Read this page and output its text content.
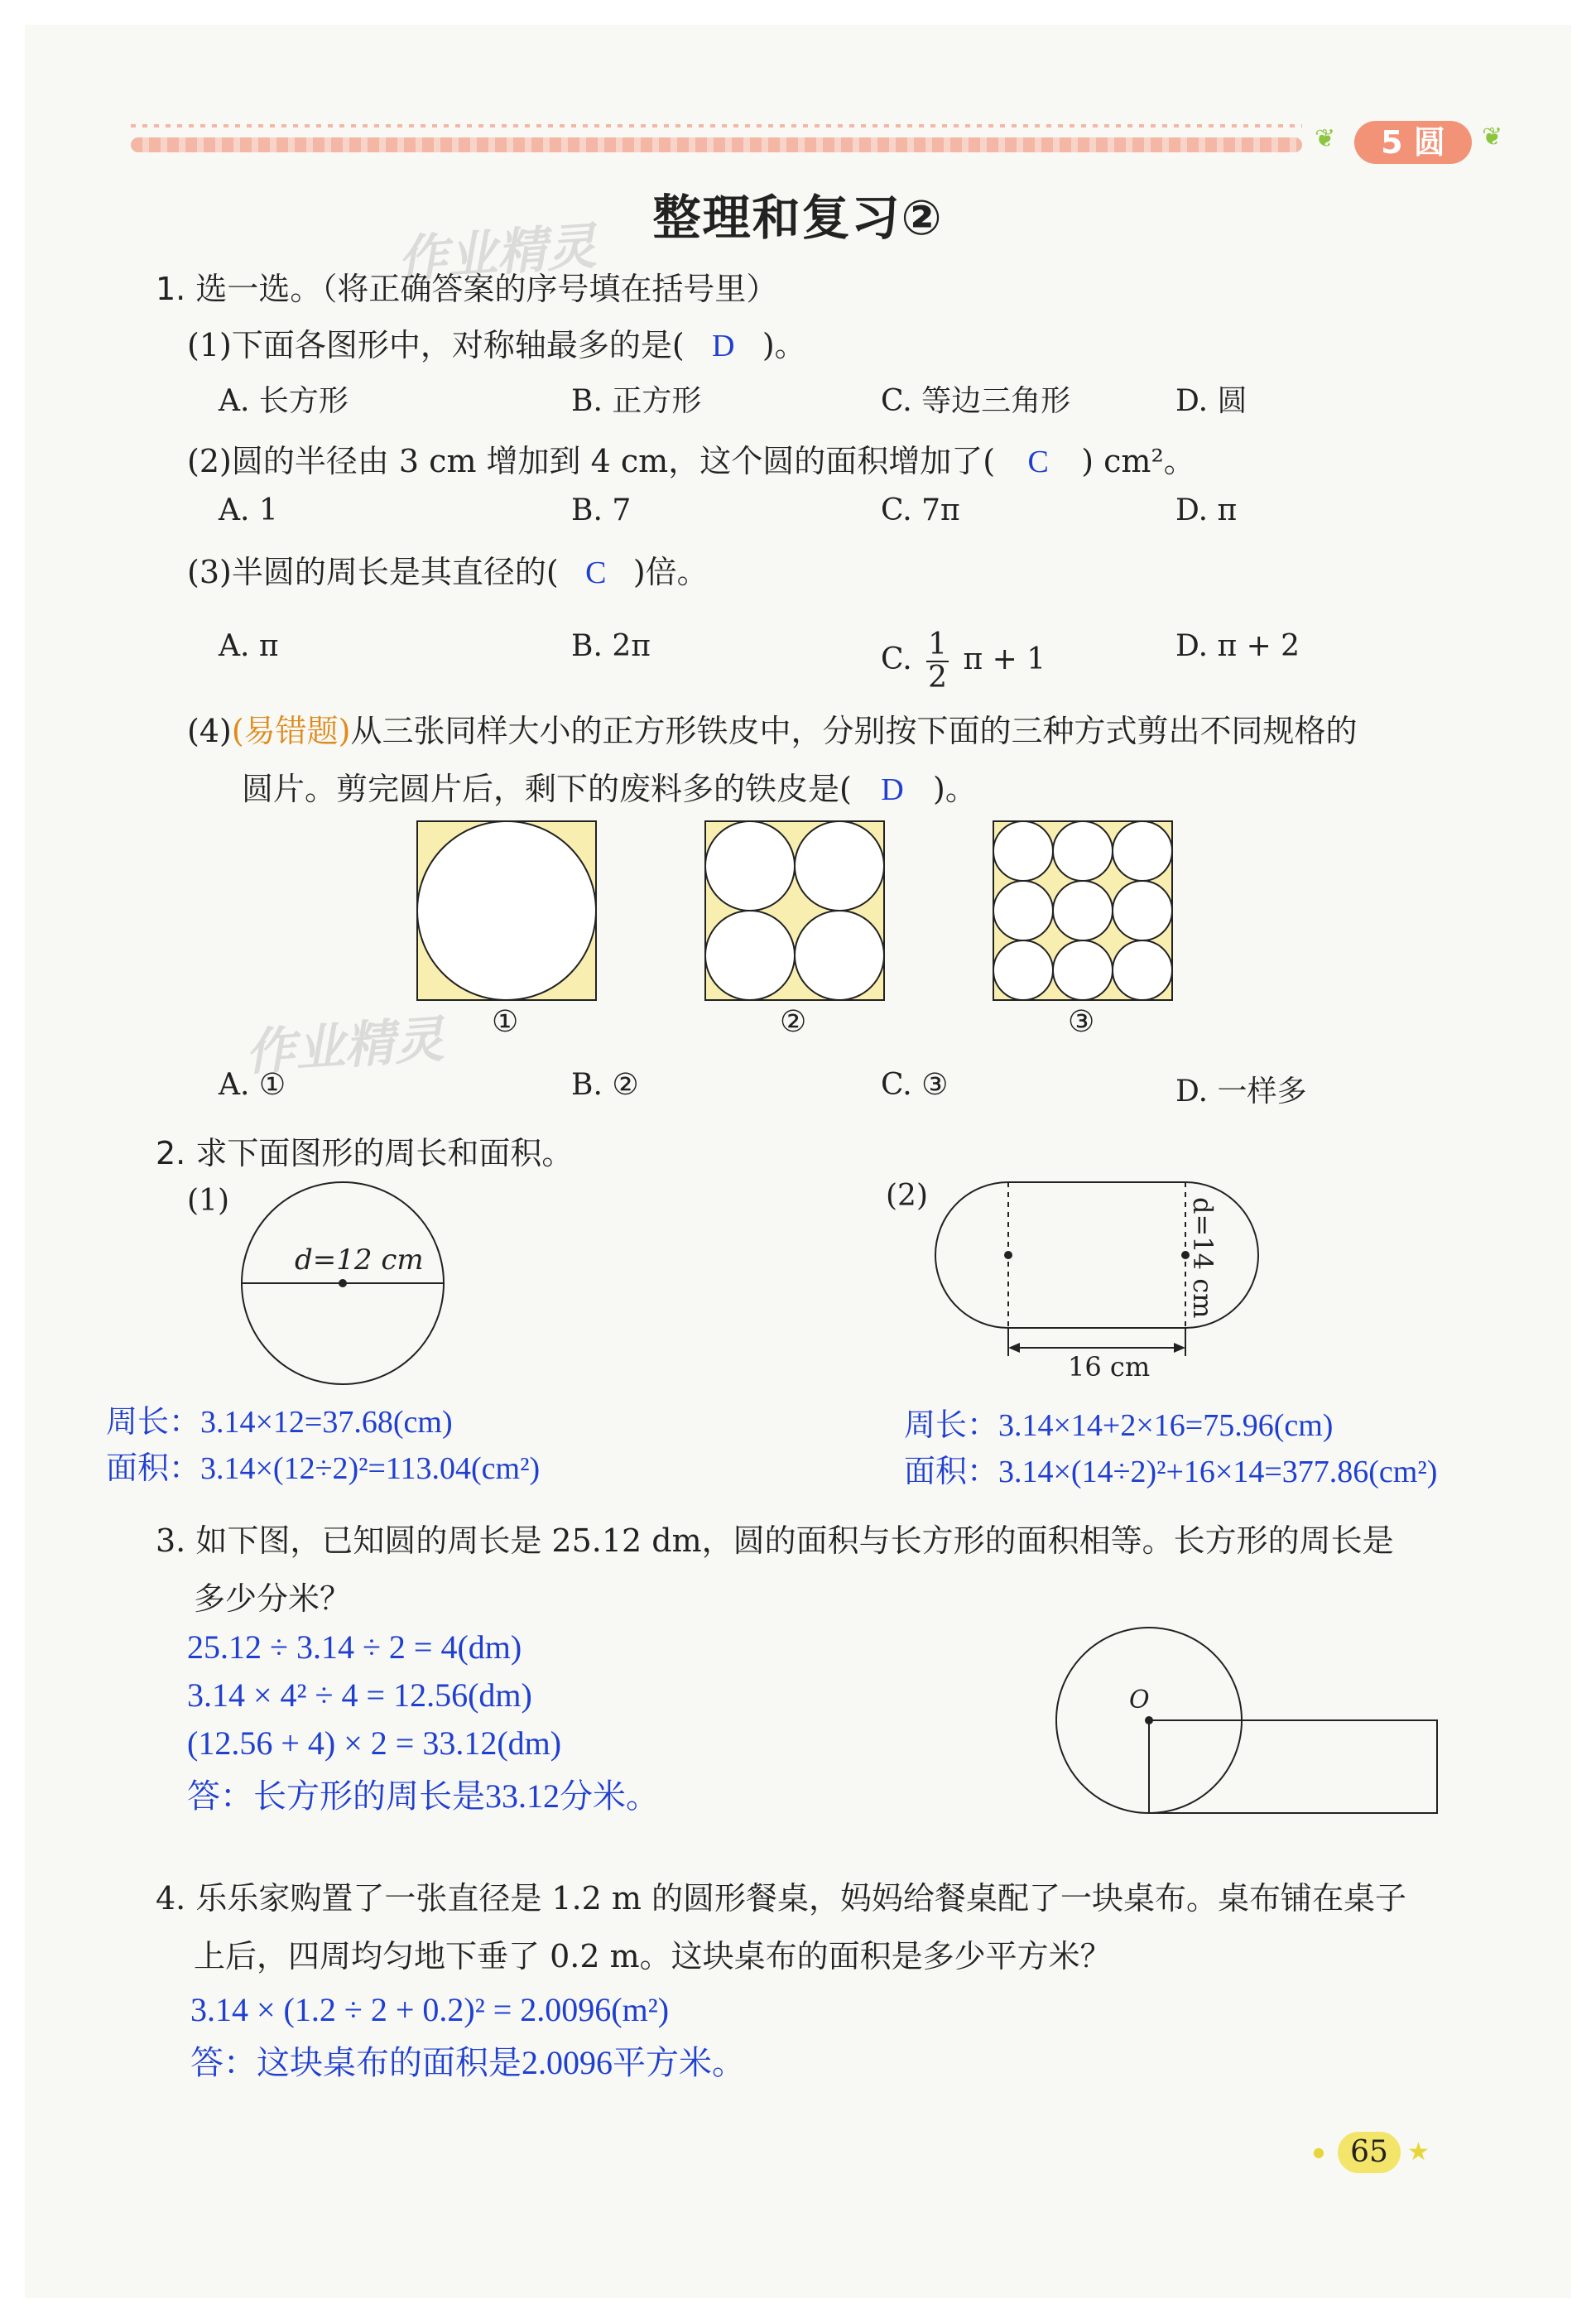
❦	5 圆	❦
整理和复习②
作业精灵
作业精灵
1. 选一选。（将正确答案的序号填在括号里）
(1)下面各图形中，对称轴最多的是( D )。
A. 长方形	B. 正方形	C. 等边三角形	D. 圆
(2)圆的半径由 3 cm 增加到 4 cm，这个圆的面积增加了( C ) cm²。
A. 1	B. 7	C. 7π	D. π
(3)半圆的周长是其直径的( C )倍。
A. π	B. 2π	C. $\frac{1}{2}$ π + 1	D. π + 2
(4)(易错题)从三张同样大小的正方形铁皮中，分别按下面的三种方式剪出不同规格的
圆片。剪完圆片后，剩下的废料多的铁皮是( D )。
①	②	③
A. ①	B. ②	C. ③	D. 一样多
2. 求下面图形的周长和面积。
(1)
d=12 cm
(2)
d=14 cm
16 cm
周长：3.14×12=37.68(cm)
面积：3.14×(12÷2)²=113.04(cm²)
周长：3.14×14+2×16=75.96(cm)
面积：3.14×(14÷2)²+16×14=377.86(cm²)
3. 如下图，已知圆的周长是 25.12 dm，圆的面积与长方形的面积相等。长方形的周长是
多少分米？
25.12 ÷ 3.14 ÷ 2 = 4(dm)
3.14 × 4² ÷ 4 = 12.56(dm)
(12.56 + 4) × 2 = 33.12(dm)
答：长方形的周长是33.12分米。
O
4. 乐乐家购置了一张直径是 1.2 m 的圆形餐桌，妈妈给餐桌配了一块桌布。桌布铺在桌子
上后，四周均匀地下垂了 0.2 m。这块桌布的面积是多少平方米？
3.14 × (1.2 ÷ 2 + 0.2)² = 2.0096(m²)
答：这块桌布的面积是2.0096平方米。
● 65 ★
